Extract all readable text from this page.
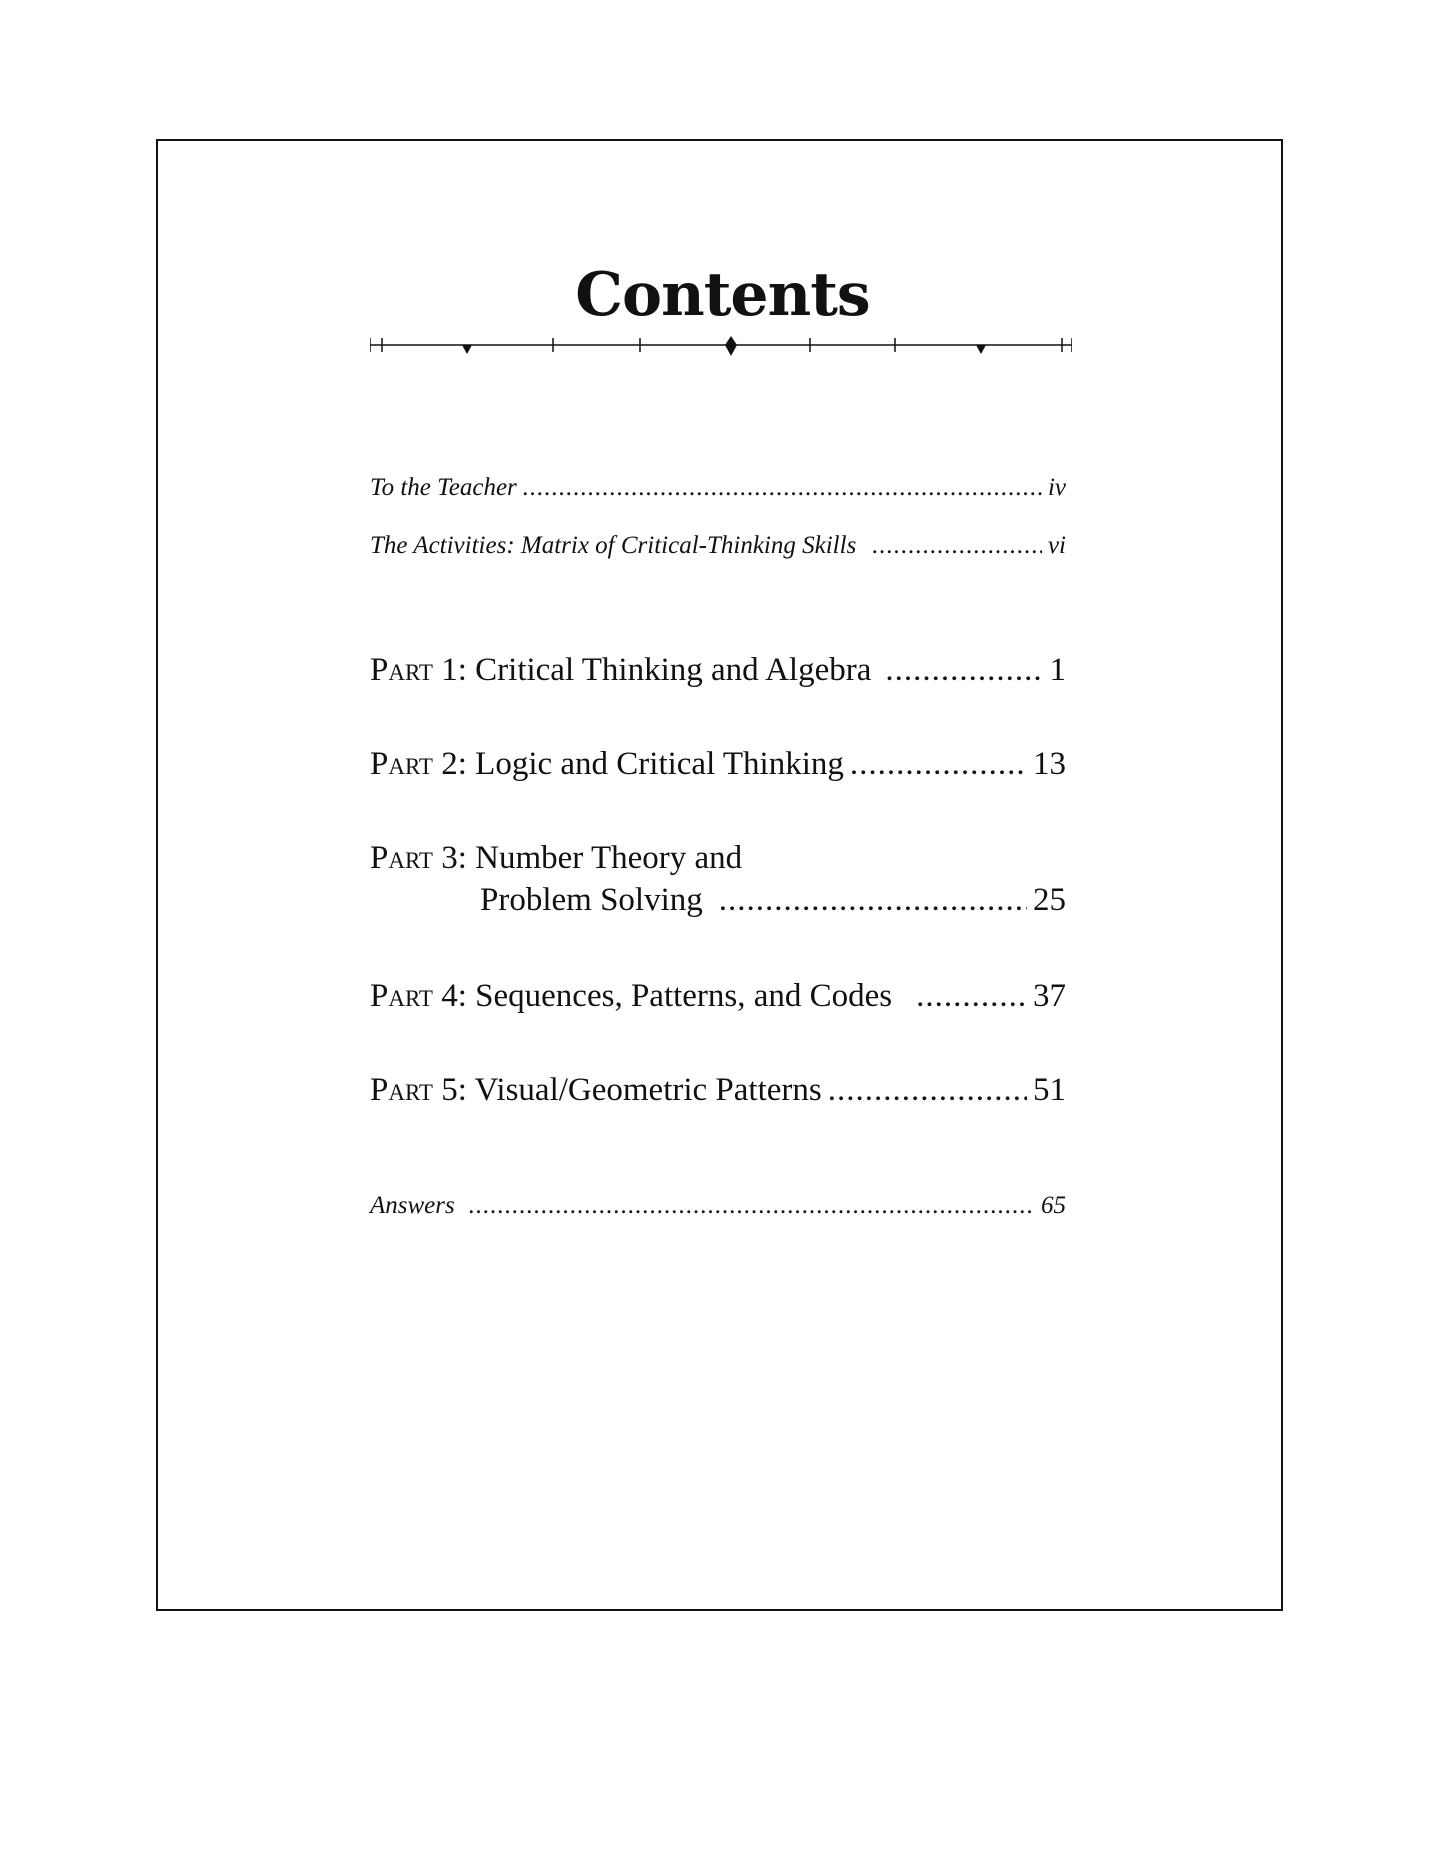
Contents
To the Teacher .....	iv
The Activities: Matrix of Critical-Thinking Skills .....	vi
Part 1: Critical Thinking and Algebra .....	1
Part 2: Logic and Critical Thinking .....	13
Part 3: Number Theory and
Problem Solving .....	25
Part 4: Sequences, Patterns, and Codes .....	37
Part 5: Visual/Geometric Patterns .....	51
Answers .....	65
